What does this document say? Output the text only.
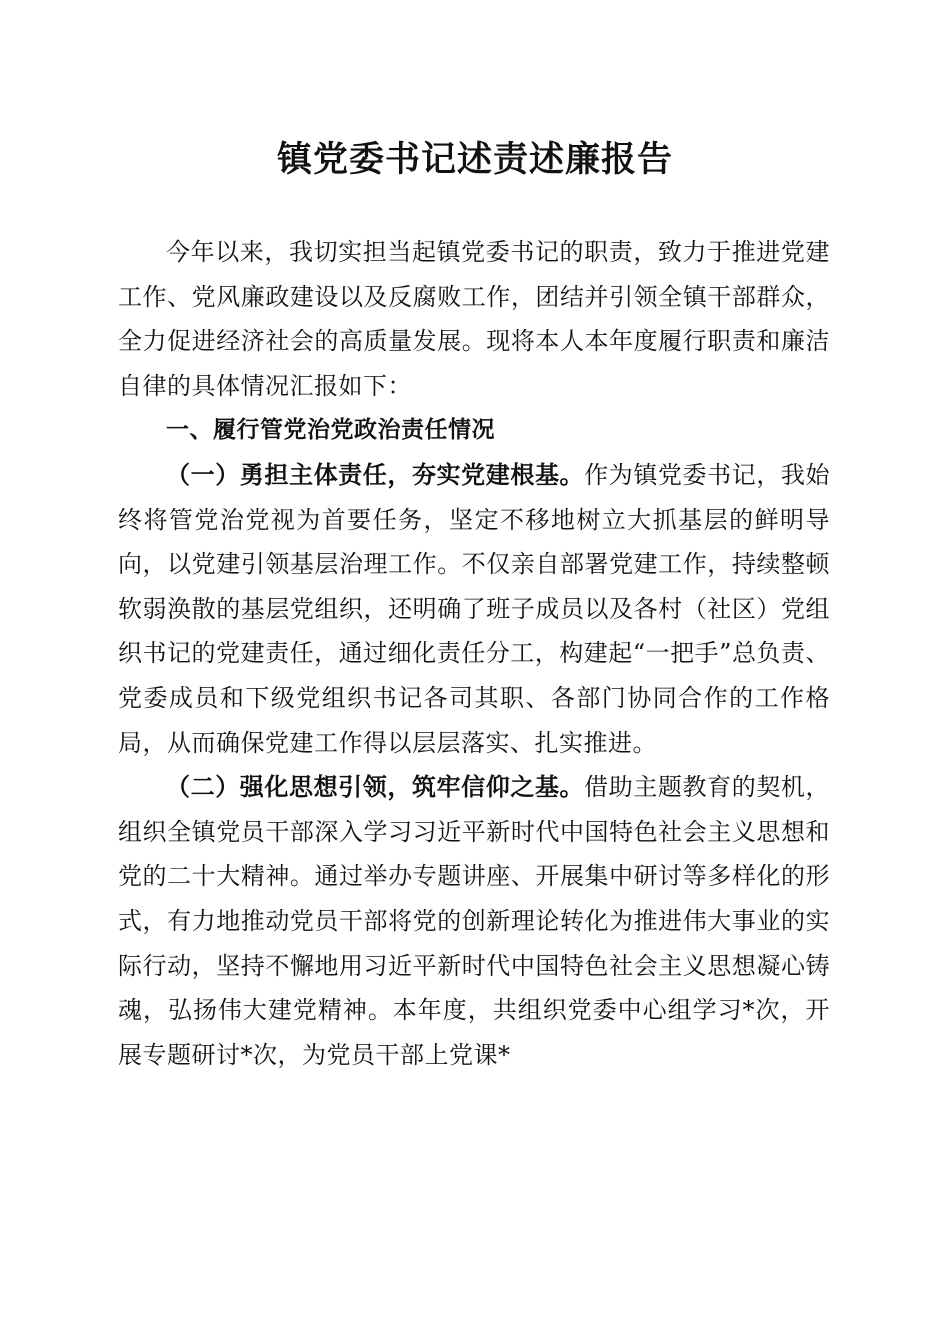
镇党委书记述责述廉报告

今年以来，我切实担当起镇党委书记的职责，致力于推进党建工作、党风廉政建设以及反腐败工作，团结并引领全镇干部群众，全力促进经济社会的高质量发展。现将本人本年度履行职责和廉洁自律的具体情况汇报如下：

一、履行管党治党政治责任情况

（一）勇担主体责任，夯实党建根基。作为镇党委书记，我始终将管党治党视为首要任务，坚定不移地树立大抓基层的鲜明导向，以党建引领基层治理工作。不仅亲自部署党建工作，持续整顿软弱涣散的基层党组织，还明确了班子成员以及各村（社区）党组织书记的党建责任，通过细化责任分工，构建起“一把手”总负责、党委成员和下级党组织书记各司其职、各部门协同合作的工作格局，从而确保党建工作得以层层落实、扎实推进。

（二）强化思想引领，筑牢信仰之基。借助主题教育的契机，组织全镇党员干部深入学习习近平新时代中国特色社会主义思想和党的二十大精神。通过举办专题讲座、开展集中研讨等多样化的形式，有力地推动党员干部将党的创新理论转化为推进伟大事业的实际行动，坚持不懈地用习近平新时代中国特色社会主义思想凝心铸魂，弘扬伟大建党精神。本年度，共组织党委中心组学习*次，开展专题研讨*次，为党员干部上党课*
